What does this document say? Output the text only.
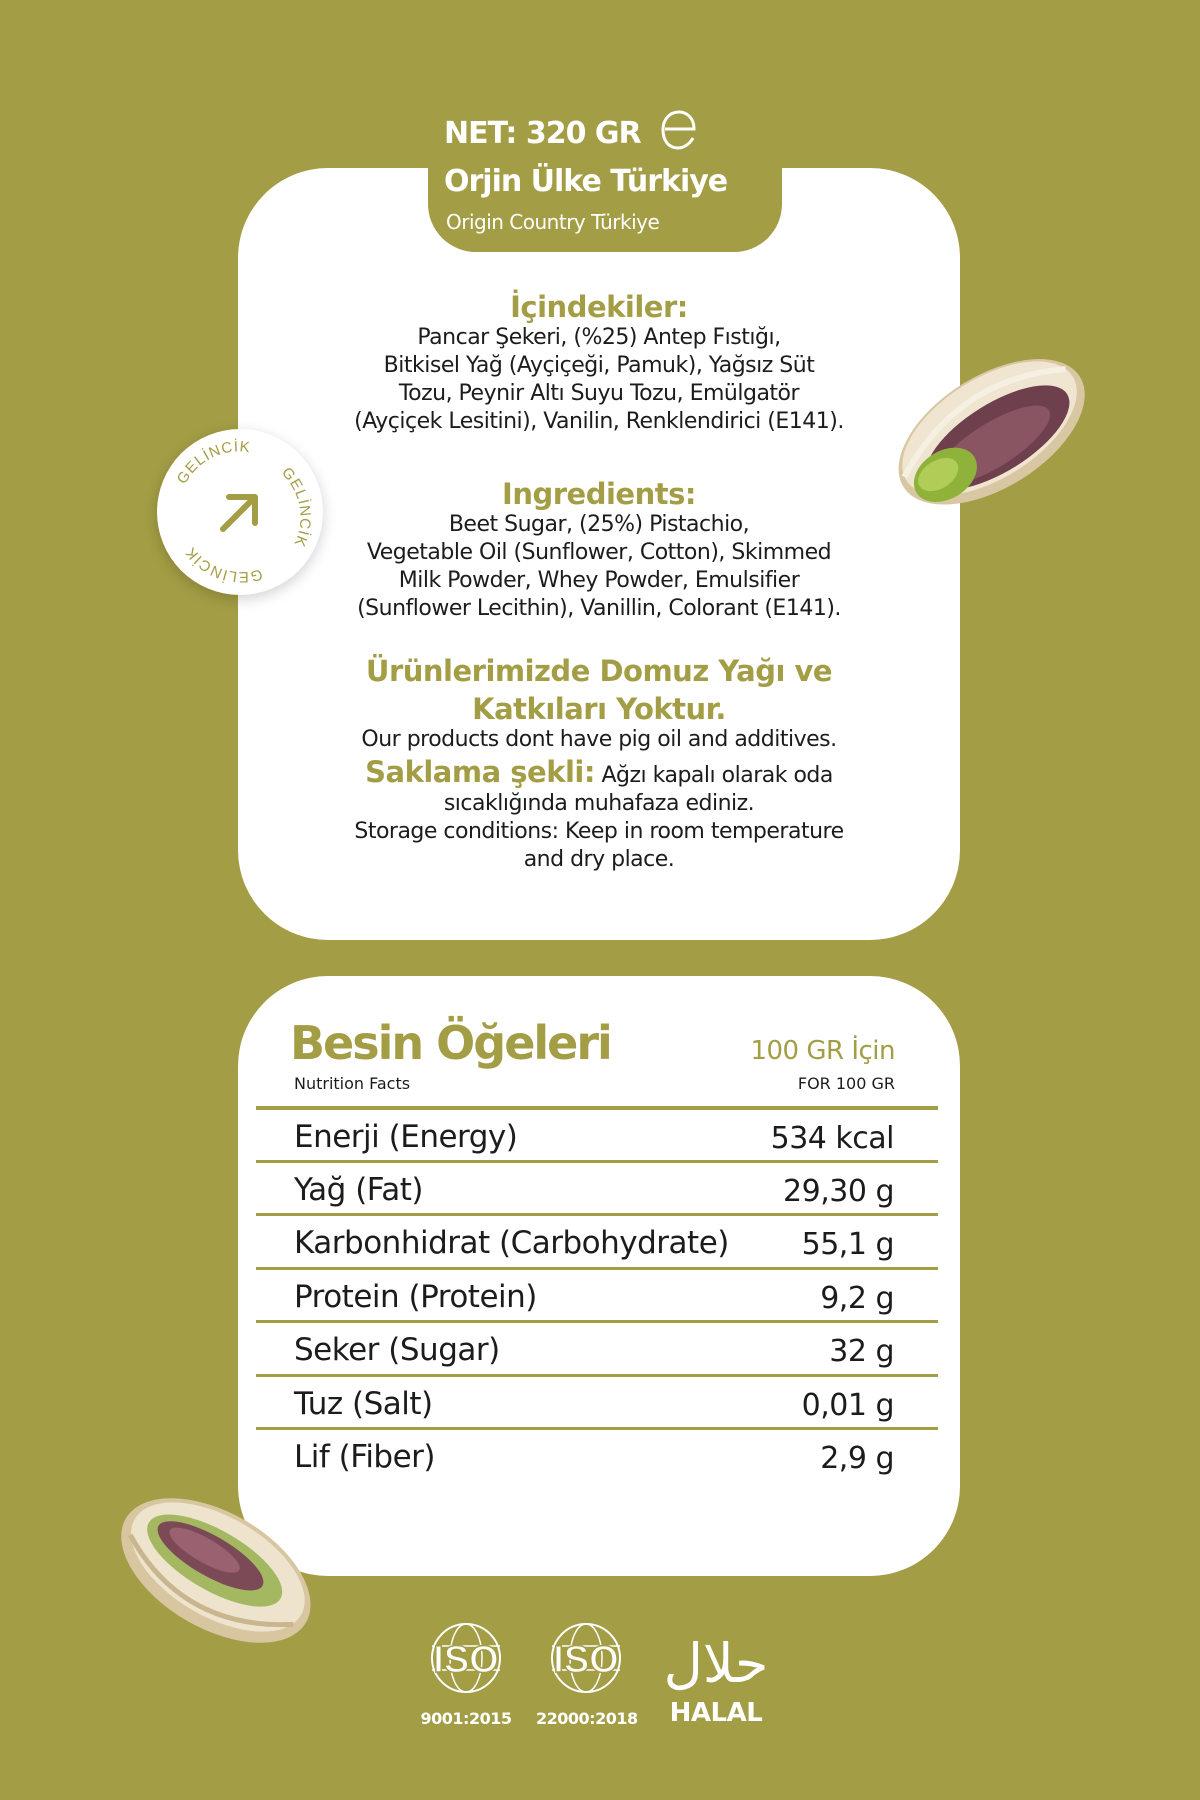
NET: 320 GR
Orjin Ülke Türkiye
Origin Country Türkiye
İçindekiler:
Pancar Şekeri, (%25) Antep Fıstığı,
Bitkisel Yağ (Ayçiçeği, Pamuk), Yağsız Süt
Tozu, Peynir Altı Suyu Tozu, Emülgatör
(Ayçiçek Lesitini), Vanilin, Renklendirici (E141).
Ingredients:
Beet Sugar, (25%) Pistachio,
Vegetable Oil (Sunflower, Cotton), Skimmed
Milk Powder, Whey Powder, Emulsifier
(Sunflower Lecithin), Vanillin, Colorant (E141).
Ürünlerimizde Domuz Yağı ve
Katkıları Yoktur.
Our products dont have pig oil and additives.
Saklama şekli: Ağzı kapalı olarak oda
sıcaklığında muhafaza ediniz.
Storage conditions: Keep in room temperature
and dry place.
GELİNCİK
GELİNCİK
GELİNCİK
Besin Öğeleri
Nutrition Facts
100 GR İçin
FOR 100 GR
Enerji (Energy)	534 kcal
Yağ (Fat)	29,30 g
Karbonhidrat (Carbohydrate) 55,1 g
Protein (Protein)	9,2 g
Seker (Sugar)	32 g
Tuz (Salt)	0,01 g
Lif (Fiber)	2,9 g
ISO
9001:2015
ISO
22000:2018
حلال
HALAL
